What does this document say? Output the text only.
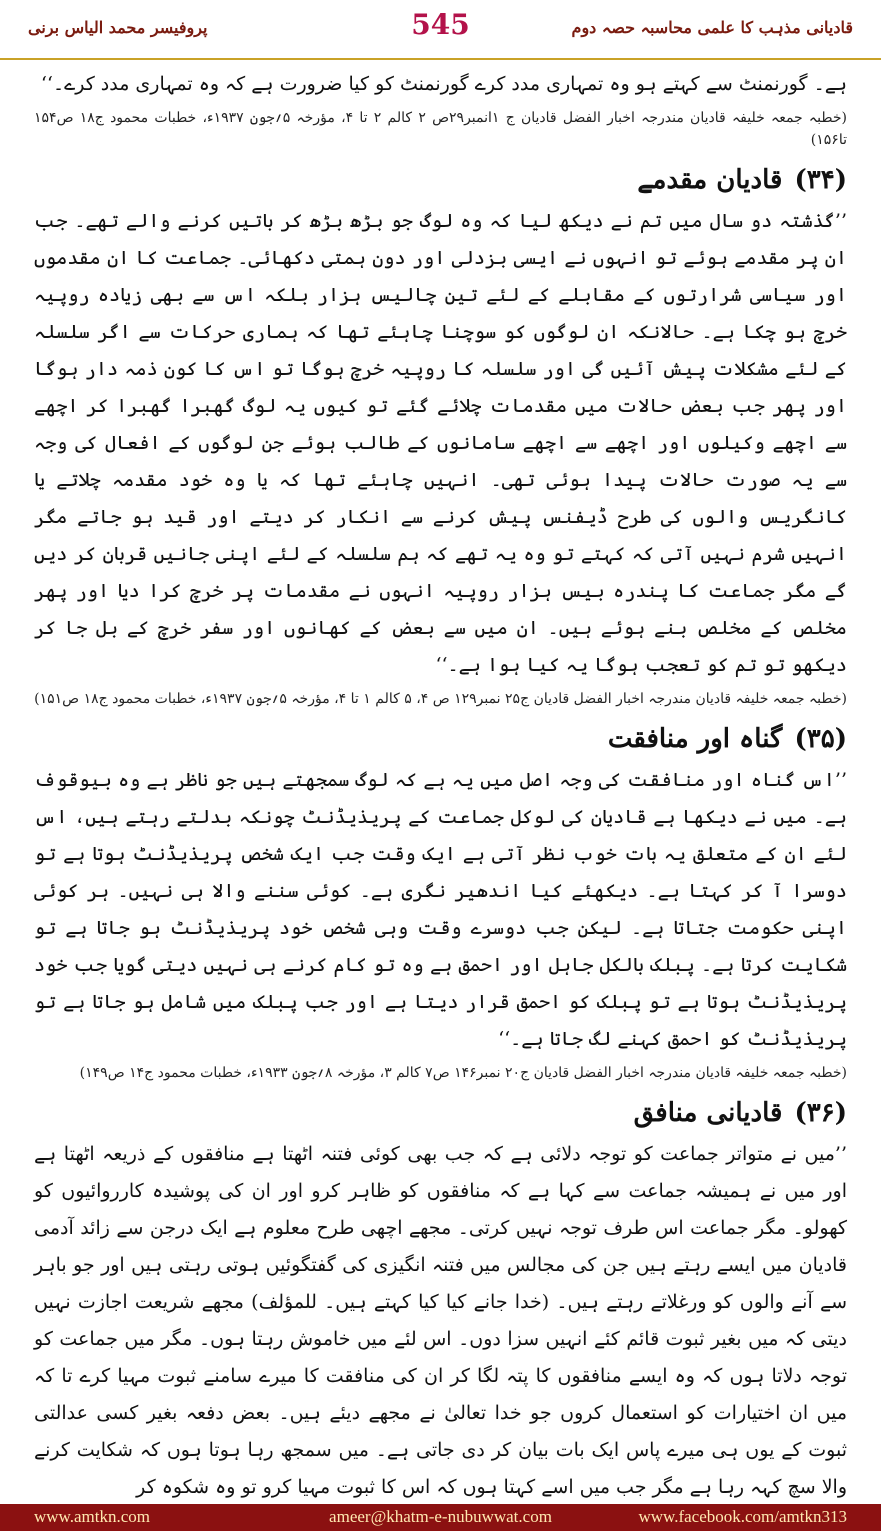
پروفیسر محمد الیاس برنی	545	قادیانی مذہب کا علمی محاسبہ حصہ دوم

ہے۔ گورنمنٹ سے کہتے ہو وہ تمہاری مدد کرے گورنمنٹ کو کیا ضرورت ہے کہ وہ تمہاری مدد کرے۔‘‘

(خطبہ جمعہ خلیفہ قادیان مندرجہ اخبار الفضل قادیان ج ۱انمبر۲۹ص ۲ کالم ۲ تا ۴، مؤرخہ ۵؍جون ۱۹۳۷ء، خطبات محمود ج۱۸ ص۱۵۴ تا۱۵۶)

(۳۴)قادیان مقدمے

’’گذشتہ دو سال میں تم نے دیکھ لیا کہ وہ لوگ جو بڑھ بڑھ کر باتیں کرنے والے تھے۔ جب ان پر مقدمے ہوئے تو انہوں نے ایسی بزدلی اور دون ہمتی دکھائی۔ جماعت کا ان مقدموں اور سیاسی شرارتوں کے مقابلے کے لئے تین چالیس ہزار بلکہ اس سے بھی زیادہ روپیہ خرچ ہو چکا ہے۔ حالانکہ ان لوگوں کو سوچنا چاہئے تھا کہ ہماری حرکات سے اگر سلسلہ کے لئے مشکلات پیش آئیں گی اور سلسلہ کا روپیہ خرچ ہوگا تو اس کا کون ذمہ دار ہوگا اور پھر جب بعض حالات میں مقدمات چلائے گئے تو کیوں یہ لوگ گھبرا گھبرا کر اچھے سے اچھے وکیلوں اور اچھے سے اچھے سامانوں کے طالب ہوئے جن لوگوں کے افعال کی وجہ سے یہ صورت حالات پیدا ہوئی تھی۔ انہیں چاہئے تھا کہ یا وہ خود مقدمہ چلاتے یا کانگریس والوں کی طرح ڈیفنس پیش کرنے سے انکار کر دیتے اور قید ہو جاتے مگر انہیں شرم نہیں آتی کہ کہتے تو وہ یہ تھے کہ ہم سلسلہ کے لئے اپنی جانیں قربان کر دیں گے مگر جماعت کا پندرہ بیس ہزار روپیہ انہوں نے مقدمات پر خرچ کرا دیا اور پھر مخلص کے مخلص بنے ہوئے ہیں۔ ان میں سے بعض کے کھانوں اور سفر خرچ کے بل جا کر دیکھو تو تم کو تعجب ہوگا یہ کیا ہوا ہے۔‘‘

(خطبہ جمعہ خلیفہ قادیان مندرجہ اخبار الفضل قادیان ج۲۵ نمبر۱۲۹ ص ۴، ۵ کالم ۱ تا ۴، مؤرخہ ۵؍جون ۱۹۳۷ء، خطبات محمود ج۱۸ ص۱۵۱)

(۳۵)گناہ اور منافقت

’’اس گناہ اور منافقت کی وجہ اصل میں یہ ہے کہ لوگ سمجھتے ہیں جو ناظر ہے وہ بیوقوف ہے۔ میں نے دیکھا ہے قادیان کی لوکل جماعت کے پریذیڈنٹ چونکہ بدلتے رہتے ہیں، اس لئے ان کے متعلق یہ بات خوب نظر آتی ہے ایک وقت جب ایک شخص پریذیڈنٹ ہوتا ہے تو دوسرا آ کر کہتا ہے۔ دیکھئے کیا اندھیر نگری ہے۔ کوئی سننے والا ہی نہیں۔ ہر کوئی اپنی حکومت جتاتا ہے۔ لیکن جب دوسرے وقت وہی شخص خود پریذیڈنٹ ہو جاتا ہے تو شکایت کرتا ہے۔ پبلک بالکل جاہل اور احمق ہے وہ تو کام کرنے ہی نہیں دیتی گویا جب خود پریذیڈنٹ ہوتا ہے تو پبلک کو احمق قرار دیتا ہے اور جب پبلک میں شامل ہو جاتا ہے تو پریذیڈنٹ کو احمق کہنے لگ جاتا ہے۔‘‘

(خطبہ جمعہ خلیفہ قادیان مندرجہ اخبار الفضل قادیان ج۲۰ نمبر۱۴۶ ص۷ کالم ۳، مؤرخہ ۸؍جون ۱۹۳۳ء، خطبات محمود ج۱۴ ص۱۴۹)

(۳۶)قادیانی منافق

’’میں نے متواتر جماعت کو توجہ دلائی ہے کہ جب بھی کوئی فتنہ اٹھتا ہے منافقوں کے ذریعہ اٹھتا ہے اور میں نے ہمیشہ جماعت سے کہا ہے کہ منافقوں کو ظاہر کرو اور ان کی پوشیدہ کارروائیوں کو کھولو۔ مگر جماعت اس طرف توجہ نہیں کرتی۔ مجھے اچھی طرح معلوم ہے ایک درجن سے زائد آدمی قادیان میں ایسے رہتے ہیں جن کی مجالس میں فتنہ انگیزی کی گفتگوئیں ہوتی رہتی ہیں اور جو باہر سے آنے والوں کو ورغلاتے رہتے ہیں۔ (خدا جانے کیا کیا کہتے ہیں۔ للمؤلف) مجھے شریعت اجازت نہیں دیتی کہ میں بغیر ثبوت قائم کئے انہیں سزا دوں۔ اس لئے میں خاموش رہتا ہوں۔ مگر میں جماعت کو توجہ دلاتا ہوں کہ وہ ایسے منافقوں کا پتہ لگا کر ان کی منافقت کا میرے سامنے ثبوت مہیا کرے تا کہ میں ان اختیارات کو استعمال کروں جو خدا تعالیٰ نے مجھے دیئے ہیں۔ بعض دفعہ بغیر کسی عدالتی ثبوت کے یوں ہی میرے پاس ایک بات بیان کر دی جاتی ہے۔ میں سمجھ رہا ہوتا ہوں کہ شکایت کرنے والا سچ کہہ رہا ہے مگر جب میں اسے کہتا ہوں کہ اس کا ثبوت مہیا کرو تو وہ شکوہ کر

www.amtkn.com	ameer@khatm-e-nubuwwat.com	www.facebook.com/amtkn313
